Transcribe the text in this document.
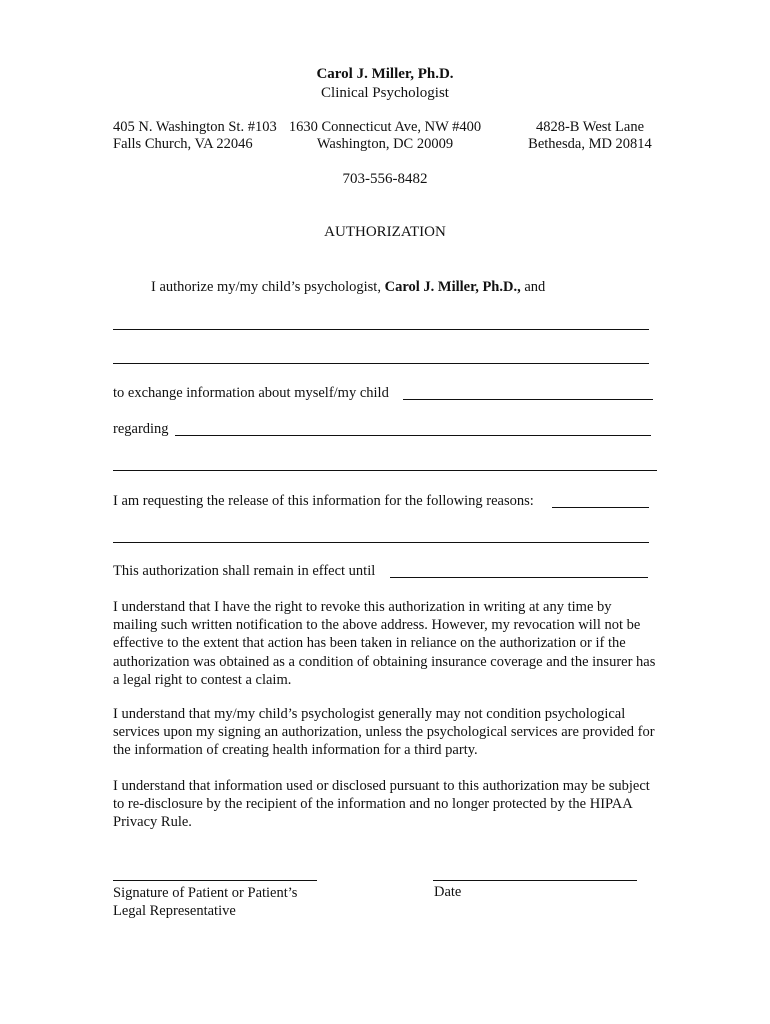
Carol J. Miller, Ph.D.
Clinical Psychologist
405 N. Washington St. #103
Falls Church, VA 22046
1630 Connecticut Ave, NW #400
Washington, DC 20009
4828-B West Lane
Bethesda, MD 20814
703-556-8482
AUTHORIZATION
I authorize my/my child’s psychologist, Carol J. Miller, Ph.D., and
to exchange information about myself/my child
regarding
I am requesting the release of this information for the following reasons:
This authorization shall remain in effect until
I understand that I have the right to revoke this authorization in writing at any time by mailing such written notification to the above address. However, my revocation will not be effective to the extent that action has been taken in reliance on the authorization or if the authorization was obtained as a condition of obtaining insurance coverage and the insurer has a legal right to contest a claim.
I understand that my/my child’s psychologist generally may not condition psychological services upon my signing an authorization, unless the psychological services are provided for the information of creating health information for a third party.
I understand that information used or disclosed pursuant to this authorization may be subject to re-disclosure by the recipient of the information and no longer protected by the HIPAA Privacy Rule.
Signature of Patient or Patient’s
Legal Representative
Date
